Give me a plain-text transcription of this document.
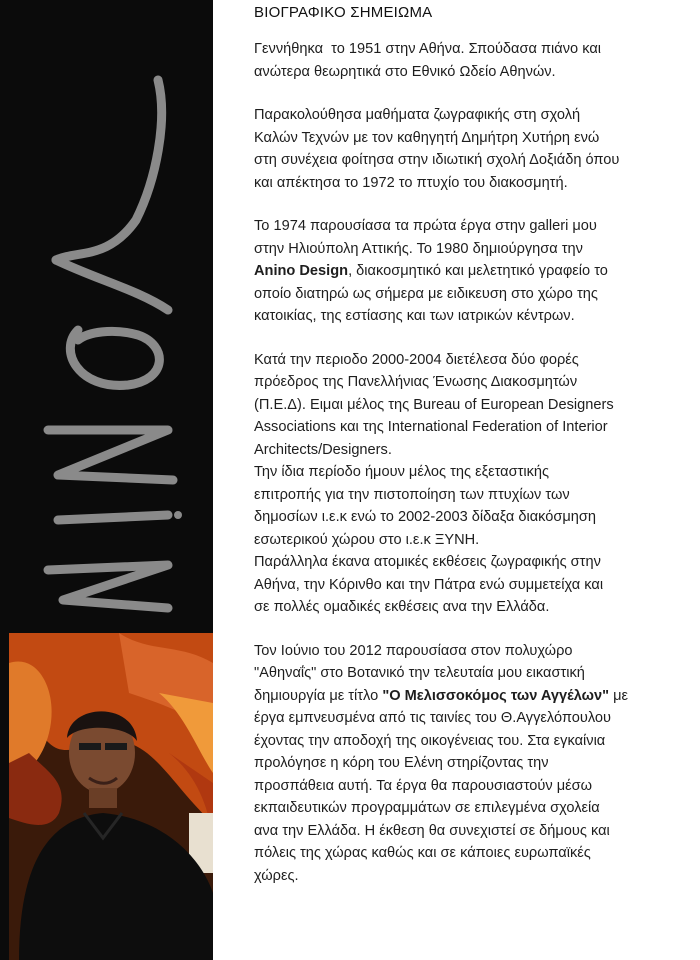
ΒΙΟΓΡΑΦΙΚΟ ΣΗΜΕΙΩΜΑ

Γεννήθηκα  το 1951 στην Αθήνα. Σπούδασα πιάνο και
ανώτερα θεωρητικά στο Εθνικό Ωδείο Αθηνών.

Παρακολούθησα μαθήματα ζωγραφικής στη σχολή
Καλών Τεχνών με τον καθηγητή Δημήτρη Χυτήρη ενώ
στη συνέχεια φοίτησα στην ιδιωτική σχολή Δοξιάδη όπου
και απέκτησα το 1972 το πτυχίο του διακοσμητή.

Το 1974 παρουσίασα τα πρώτα έργα στην galleri μου
στην Ηλιούπολη Αττικής. Το 1980 δημιούργησα την
Anino Design, διακοσμητικό και μελετητικό γραφείο το
οποίο διατηρώ ως σήμερα με ειδικευση στο χώρο της
κατοικίας, της εστίασης και των ιατρικών κέντρων.

Κατά την περιοδο 2000-2004 διετέλεσα δύο φορές
πρόεδρος της Πανελλήνιας Ένωσης Διακοσμητών
(Π.Ε.Δ). Ειμαι μέλος της Bureau of European Designers
Associations και της International Federation of Interior
Architects/Designers.

Την ίδια περίοδο ήμουν μέλος της εξεταστικής
επιτροπής για την πιστοποίηση των πτυχίων των
δημοσίων ι.ε.κ ενώ το 2002-2003 δίδαξα διακόσμηση
εσωτερικού χώρου στο ι.ε.κ ΞΥΝΗ.

Παράλληλα έκανα ατομικές εκθέσεις ζωγραφικής στην
Αθήνα, την Κόρινθο και την Πάτρα ενώ συμμετείχα και
σε πολλές ομαδικές εκθέσεις ανα την Ελλάδα.

Τον Ιούνιο του 2012 παρουσίασα στον πολυχώρο
"Αθηναΐς" στο Βοτανικό την τελευταία μου εικαστική
δημιουργία με τίτλο "Ο Μελισσοκόμος των Αγγέλων" με
έργα εμπνευσμένα από τις ταινίες του Θ.Αγγελόπουλου
έχοντας την αποδοχή της οικογένειας του. Στα εγκαίνια
προλόγησε η κόρη του Ελένη στηρίζοντας την
προσπάθεια αυτή. Τα έργα θα παρουσιαστούν μέσω
εκπαιδευτικών προγραμμάτων σε επιλεγμένα σχολεία
ανα την Ελλάδα. Η έκθεση θα συνεχιστεί σε δήμους και
πόλεις της χώρας καθώς και σε κάποιες ευρωπαϊκές
χώρες.
